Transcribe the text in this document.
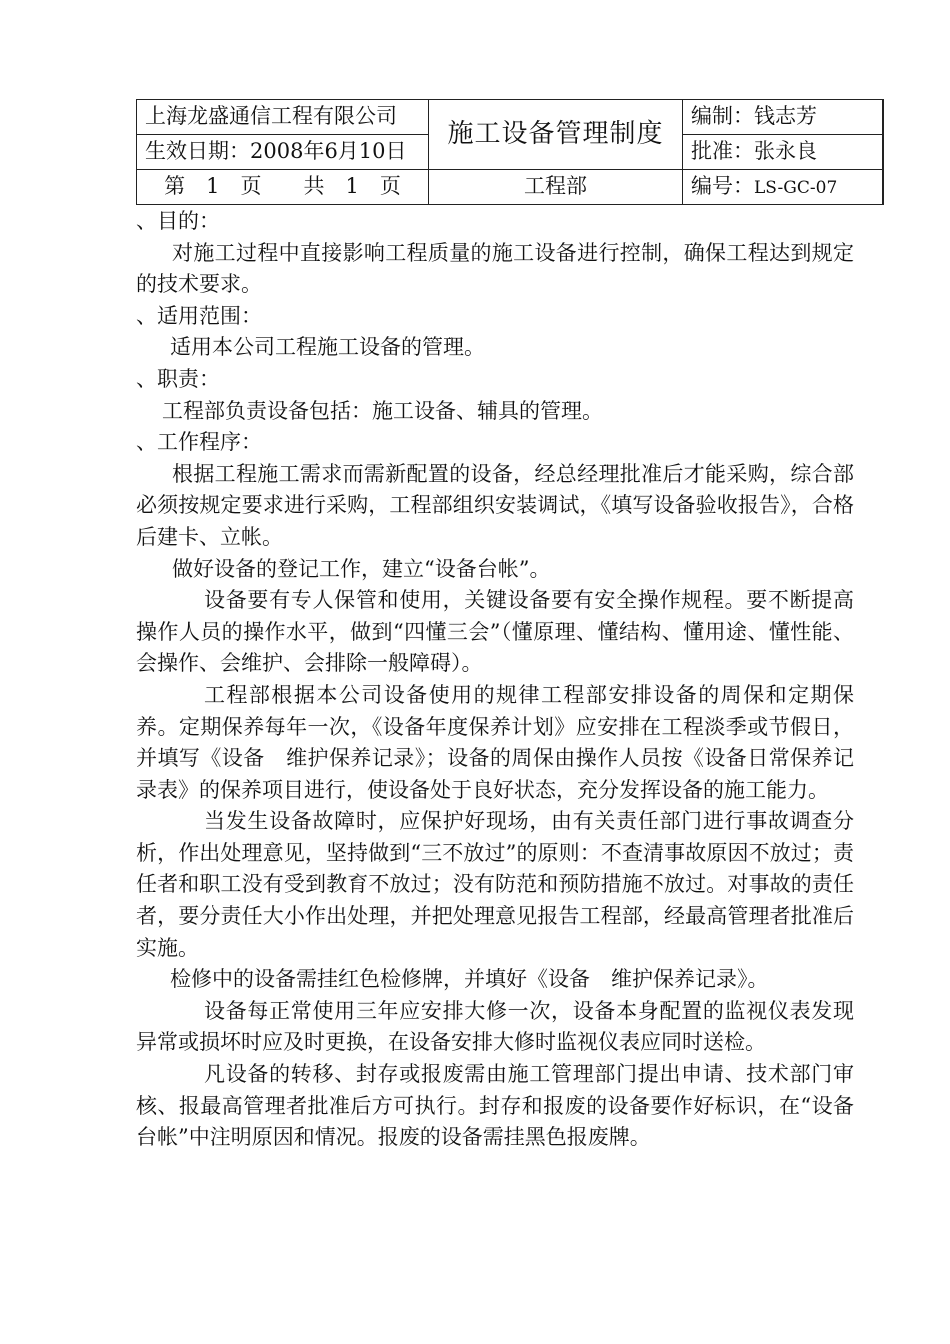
上海龙盛通信工程有限公司	施工设备管理制度	编制：钱志芳
生效日期：2008年6月10日		批准：张永良
第　1　页　　共　1　页	工程部	编号：LS-GC-07

、目的：

对施工过程中直接影响工程质量的施工设备进行控制，确保工程达到规定的技术要求。

、适用范围：

适用本公司工程施工设备的管理。

、职责：

工程部负责设备包括：施工设备、辅具的管理。

、工作程序：

根据工程施工需求而需新配置的设备，经总经理批准后才能采购，综合部必须按规定要求进行采购，工程部组织安装调试，《填写设备验收报告》，合格后建卡、立帐。

做好设备的登记工作，建立“设备台帐”。

设备要有专人保管和使用，关键设备要有安全操作规程。要不断提高操作人员的操作水平，做到“四懂三会”（懂原理、懂结构、懂用途、懂性能、会操作、会维护、会排除一般障碍）。

工程部根据本公司设备使用的规律工程部安排设备的周保和定期保养。定期保养每年一次，《设备年度保养计划》应安排在工程淡季或节假日，并填写《设备　维护保养记录》；设备的周保由操作人员按《设备日常保养记录表》的保养项目进行，使设备处于良好状态，充分发挥设备的施工能力。

当发生设备故障时，应保护好现场，由有关责任部门进行事故调查分析，作出处理意见，坚持做到“三不放过”的原则：不查清事故原因不放过；责任者和职工没有受到教育不放过；没有防范和预防措施不放过。对事故的责任者，要分责任大小作出处理，并把处理意见报告工程部，经最高管理者批准后实施。

检修中的设备需挂红色检修牌，并填好《设备　维护保养记录》。

设备每正常使用三年应安排大修一次，设备本身配置的监视仪表发现异常或损坏时应及时更换，在设备安排大修时监视仪表应同时送检。

凡设备的转移、封存或报废需由施工管理部门提出申请、技术部门审核、报最高管理者批准后方可执行。封存和报废的设备要作好标识，在“设备台帐”中注明原因和情况。报废的设备需挂黑色报废牌。
